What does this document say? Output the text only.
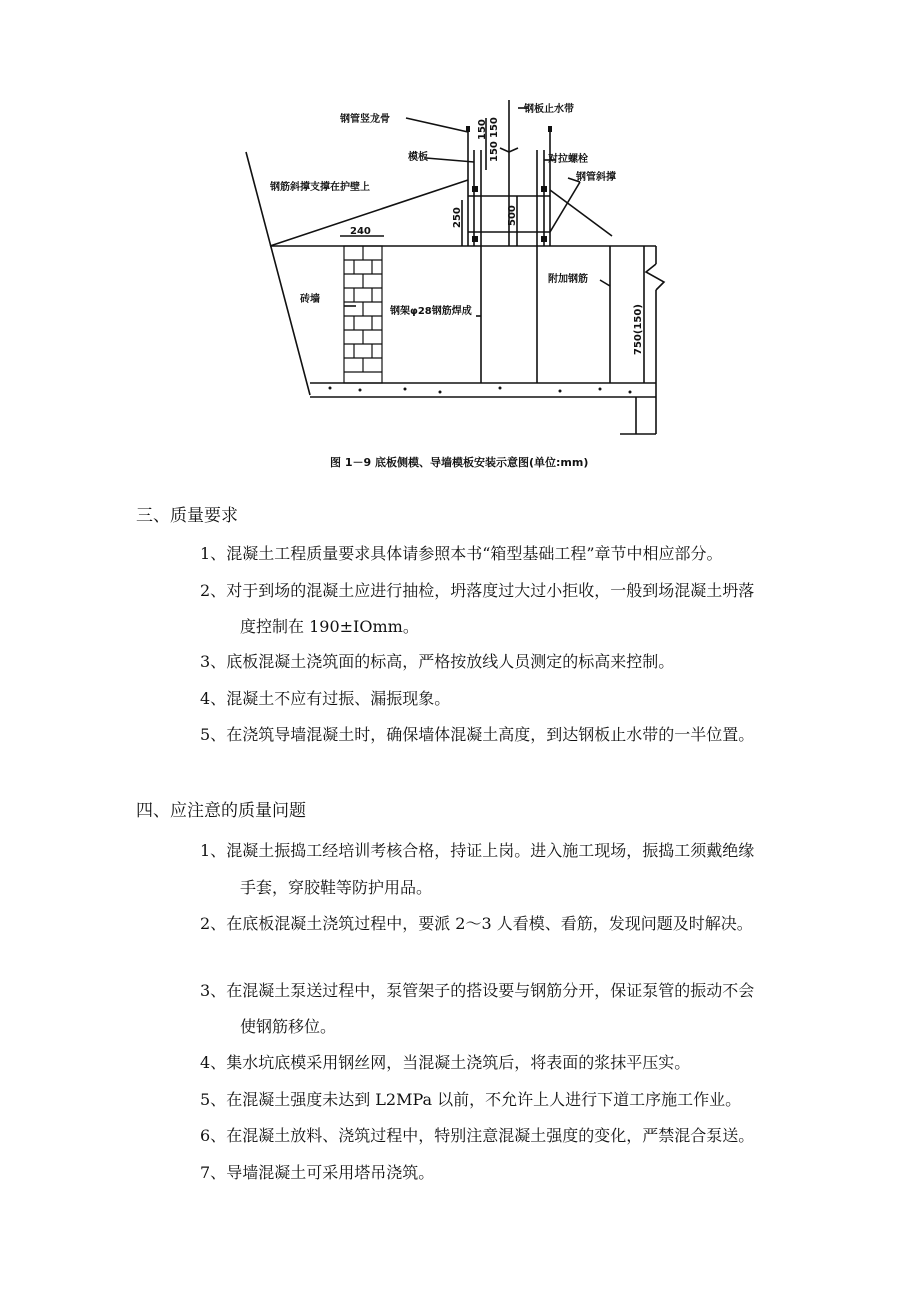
钢管竖龙骨
钢板止水带
模板	对拉螺栓
钢筋斜撑支撑在护壁上
钢管斜撑
砖墙
钢架φ28钢筋焊成
附加钢筋
240
150
150
150
250	500
750(150)
图 1－9 底板侧模、导墙模板安装示意图(单位:mm)
三、质量要求
1、混凝土工程质量要求具体请参照本书“箱型基础工程”章节中相应部分。
2、对于到场的混凝土应进行抽检，坍落度过大过小拒收，一般到场混凝土坍落
度控制在 190±IOmm。
3、底板混凝土浇筑面的标高，严格按放线人员测定的标高来控制。
4、混凝土不应有过振、漏振现象。
5、在浇筑导墙混凝土时，确保墙体混凝土高度，到达钢板止水带的一半位置。
四、应注意的质量问题
1、混凝土振捣工经培训考核合格，持证上岗。进入施工现场，振捣工须戴绝缘
手套，穿胶鞋等防护用品。
2、在底板混凝土浇筑过程中，要派 2～3 人看模、看筋，发现问题及时解决。
3、在混凝土泵送过程中，泵管架子的搭设要与钢筋分开，保证泵管的振动不会
使钢筋移位。
4、集水坑底模采用钢丝网，当混凝土浇筑后，将表面的浆抹平压实。
5、在混凝土强度未达到 L2MPa 以前，不允许上人进行下道工序施工作业。
6、在混凝土放料、浇筑过程中，特别注意混凝土强度的变化，严禁混合泵送。
7、导墙混凝土可采用塔吊浇筑。
